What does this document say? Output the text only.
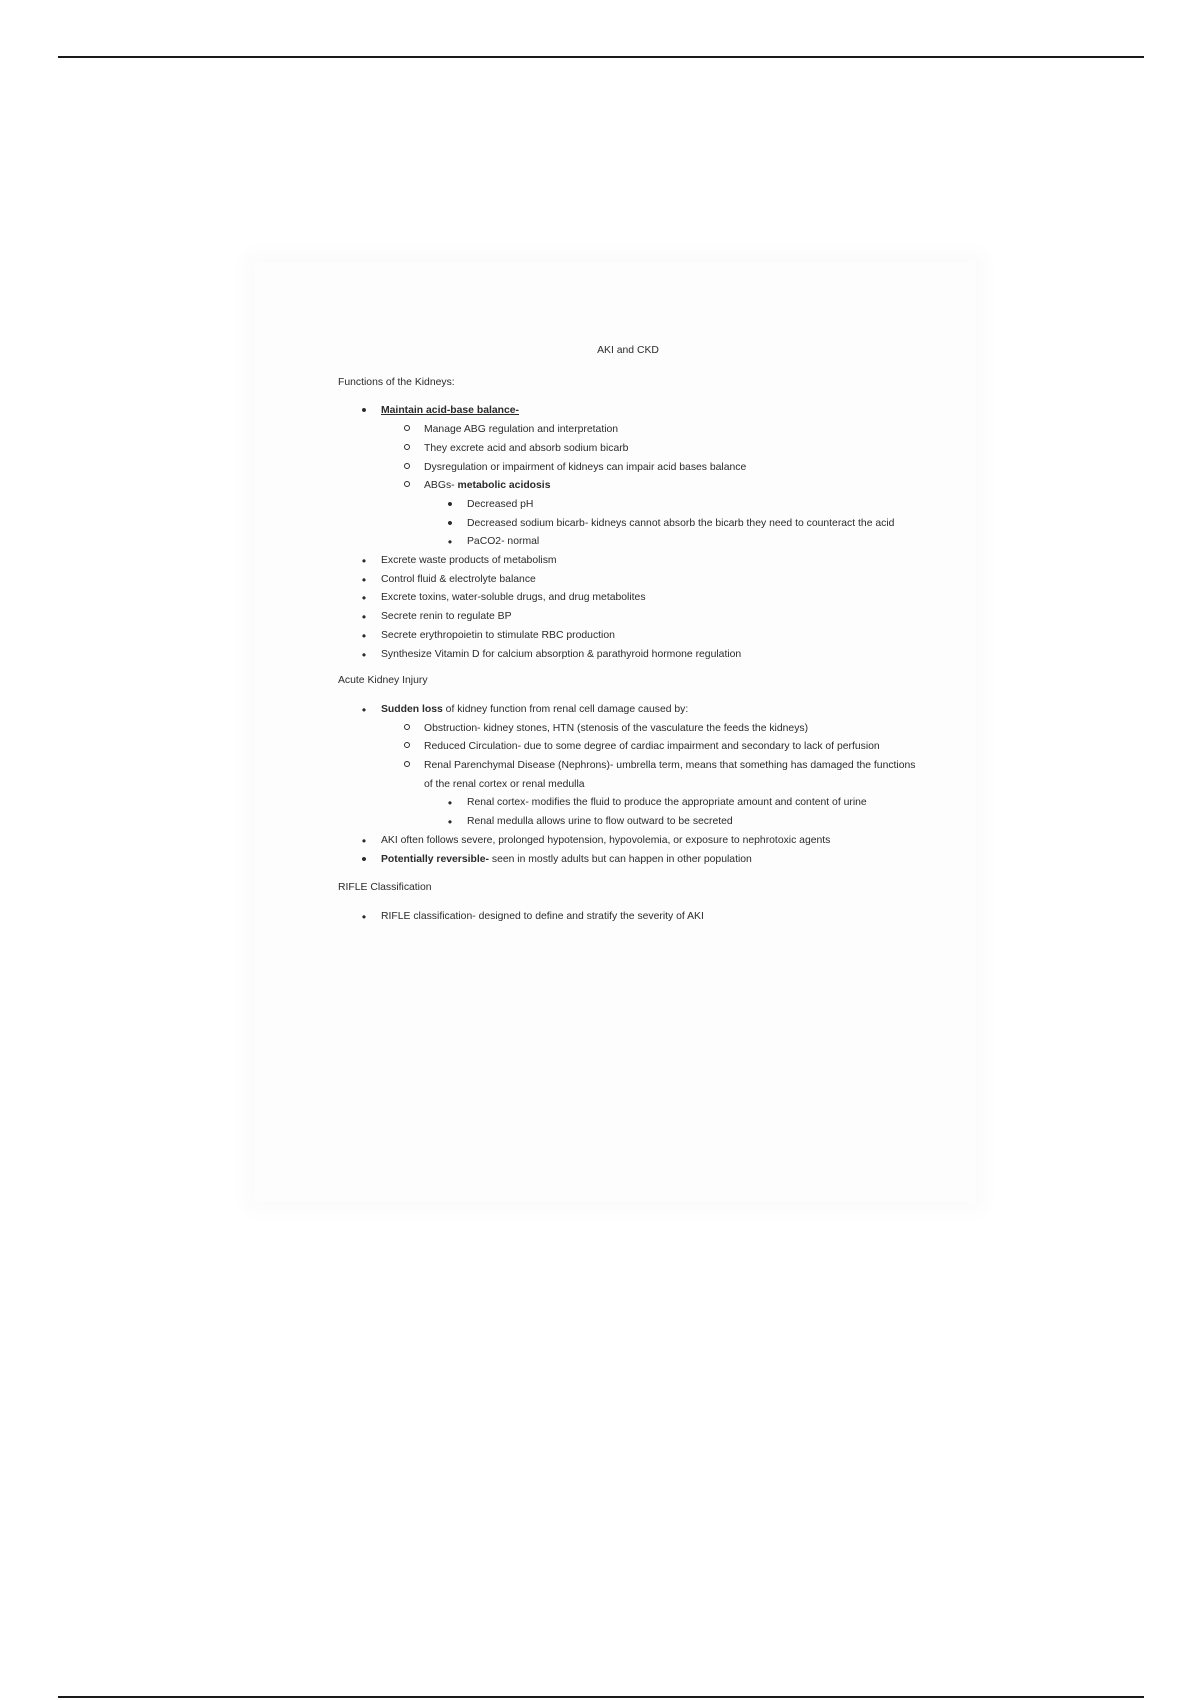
AKI and CKD
Functions of the Kidneys:
•
Maintain acid-base balance-
Manage ABG regulation and interpretation
They excrete acid and absorb sodium bicarb
Dysregulation or impairment of kidneys can impair acid bases balance
ABGs- metabolic acidosis
•
Decreased pH
•
Decreased sodium bicarb- kidneys cannot absorb the bicarb they need to counteract the acid
•
PaCO2- normal
•
Excrete waste products of metabolism
•
Control fluid & electrolyte balance
•
Excrete toxins, water-soluble drugs, and drug metabolites
•
Secrete renin to regulate BP
•
Secrete erythropoietin to stimulate RBC production
•
Synthesize Vitamin D for calcium absorption & parathyroid hormone regulation
Acute Kidney Injury
•
Sudden loss of kidney function from renal cell damage caused by:
Obstruction- kidney stones, HTN (stenosis of the vasculature the feeds the kidneys)
Reduced Circulation- due to some degree of cardiac impairment and secondary to lack of perfusion
Renal Parenchymal Disease (Nephrons)- umbrella term, means that something has damaged the functions of the renal cortex or renal medulla
•
Renal cortex- modifies the fluid to produce the appropriate amount and content of urine
•
Renal medulla allows urine to flow outward to be secreted
•
AKI often follows severe, prolonged hypotension, hypovolemia, or exposure to nephrotoxic agents
•
Potentially reversible- seen in mostly adults but can happen in other population
RIFLE Classification
•
RIFLE classification- designed to define and stratify the severity of AKI
